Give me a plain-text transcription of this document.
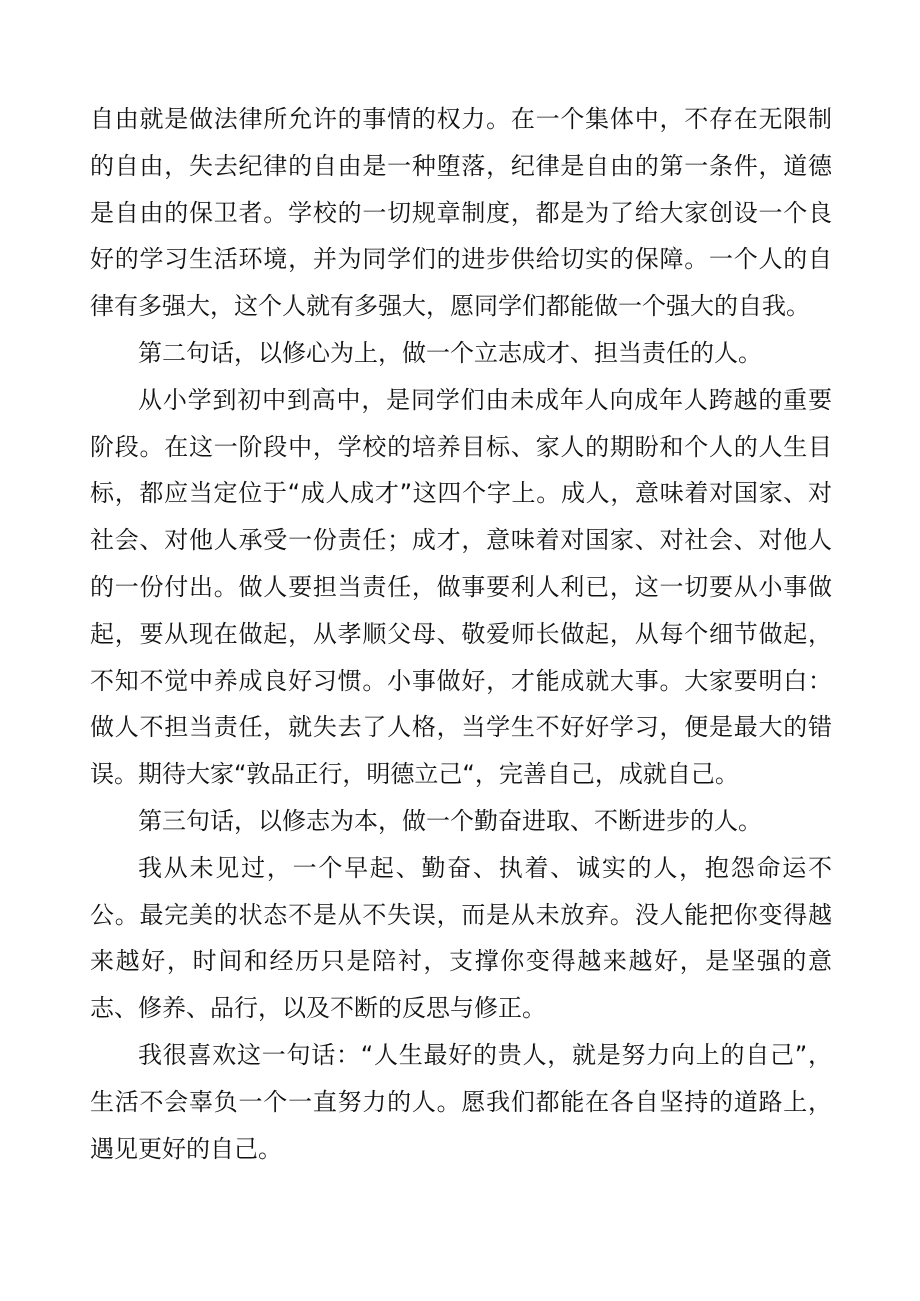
自由就是做法律所允许的事情的权力。在一个集体中，不存在无限制的自由，失去纪律的自由是一种堕落，纪律是自由的第一条件，道德是自由的保卫者。学校的一切规章制度，都是为了给大家创设一个良好的学习生活环境，并为同学们的进步供给切实的保障。一个人的自律有多强大，这个人就有多强大，愿同学们都能做一个强大的自我。

第二句话，以修心为上，做一个立志成才、担当责任的人。

从小学到初中到高中，是同学们由未成年人向成年人跨越的重要阶段。在这一阶段中，学校的培养目标、家人的期盼和个人的人生目标，都应当定位于“成人成才”这四个字上。成人，意味着对国家、对社会、对他人承受一份责任；成才，意味着对国家、对社会、对他人的一份付出。做人要担当责任，做事要利人利已，这一切要从小事做起，要从现在做起，从孝顺父母、敬爱师长做起，从每个细节做起，不知不觉中养成良好习惯。小事做好，才能成就大事。大家要明白：做人不担当责任，就失去了人格，当学生不好好学习，便是最大的错误。期待大家“敦品正行，明德立己“，完善自己，成就自己。

第三句话，以修志为本，做一个勤奋进取、不断进步的人。

我从未见过，一个早起、勤奋、执着、诚实的人，抱怨命运不公。最完美的状态不是从不失误，而是从未放弃。没人能把你变得越来越好，时间和经历只是陪衬，支撑你变得越来越好，是坚强的意志、修养、品行，以及不断的反思与修正。

我很喜欢这一句话：“人生最好的贵人，就是努力向上的自己”，生活不会辜负一个一直努力的人。愿我们都能在各自坚持的道路上，遇见更好的自己。
